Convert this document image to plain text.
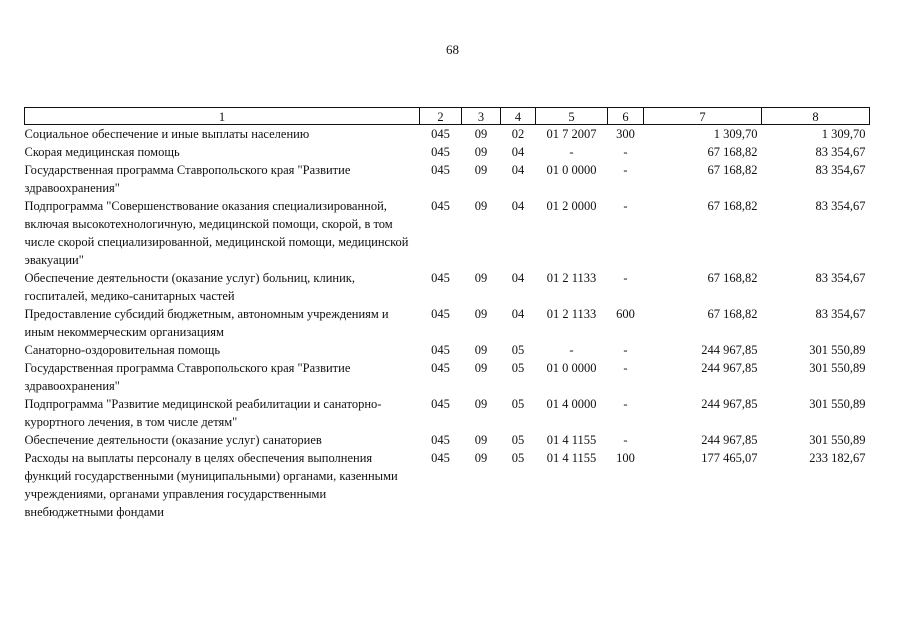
68
1	2	3	4	5	6	7	8
Социальное обеспечение и иные выплаты населению	045	09	02	01 7 2007	300	1 309,70	1 309,70
Скорая медицинская помощь	045	09	04	-	-	67 168,82	83 354,67
Государственная программа Ставропольского края "Развитие здравоохранения"	045	09	04	01 0 0000	-	67 168,82	83 354,67
Подпрограмма "Совершенствование оказания специализированной, включая высокотехнологичную, медицинской помощи, скорой, в том числе скорой специализированной, медицинской помощи, медицинской эвакуации"	045	09	04	01 2 0000	-	67 168,82	83 354,67
Обеспечение деятельности (оказание услуг) больниц, клиник, госпиталей, медико-санитарных частей	045	09	04	01 2 1133	-	67 168,82	83 354,67
Предоставление субсидий бюджетным, автономным учреждениям и иным некоммерческим организациям	045	09	04	01 2 1133	600	67 168,82	83 354,67
Санаторно-оздоровительная помощь	045	09	05	-	-	244 967,85	301 550,89
Государственная программа Ставропольского края "Развитие здравоохранения"	045	09	05	01 0 0000	-	244 967,85	301 550,89
Подпрограмма "Развитие медицинской реабилитации и санаторно-курортного лечения, в том числе детям"	045	09	05	01 4 0000	-	244 967,85	301 550,89
Обеспечение деятельности (оказание услуг) санаториев	045	09	05	01 4 1155	-	244 967,85	301 550,89
Расходы на выплаты персоналу в целях обеспечения выполнения функций государственными (муниципальными) органами, казенными учреждениями, органами управления государственными внебюджетными фондами	045	09	05	01 4 1155	100	177 465,07	233 182,67
